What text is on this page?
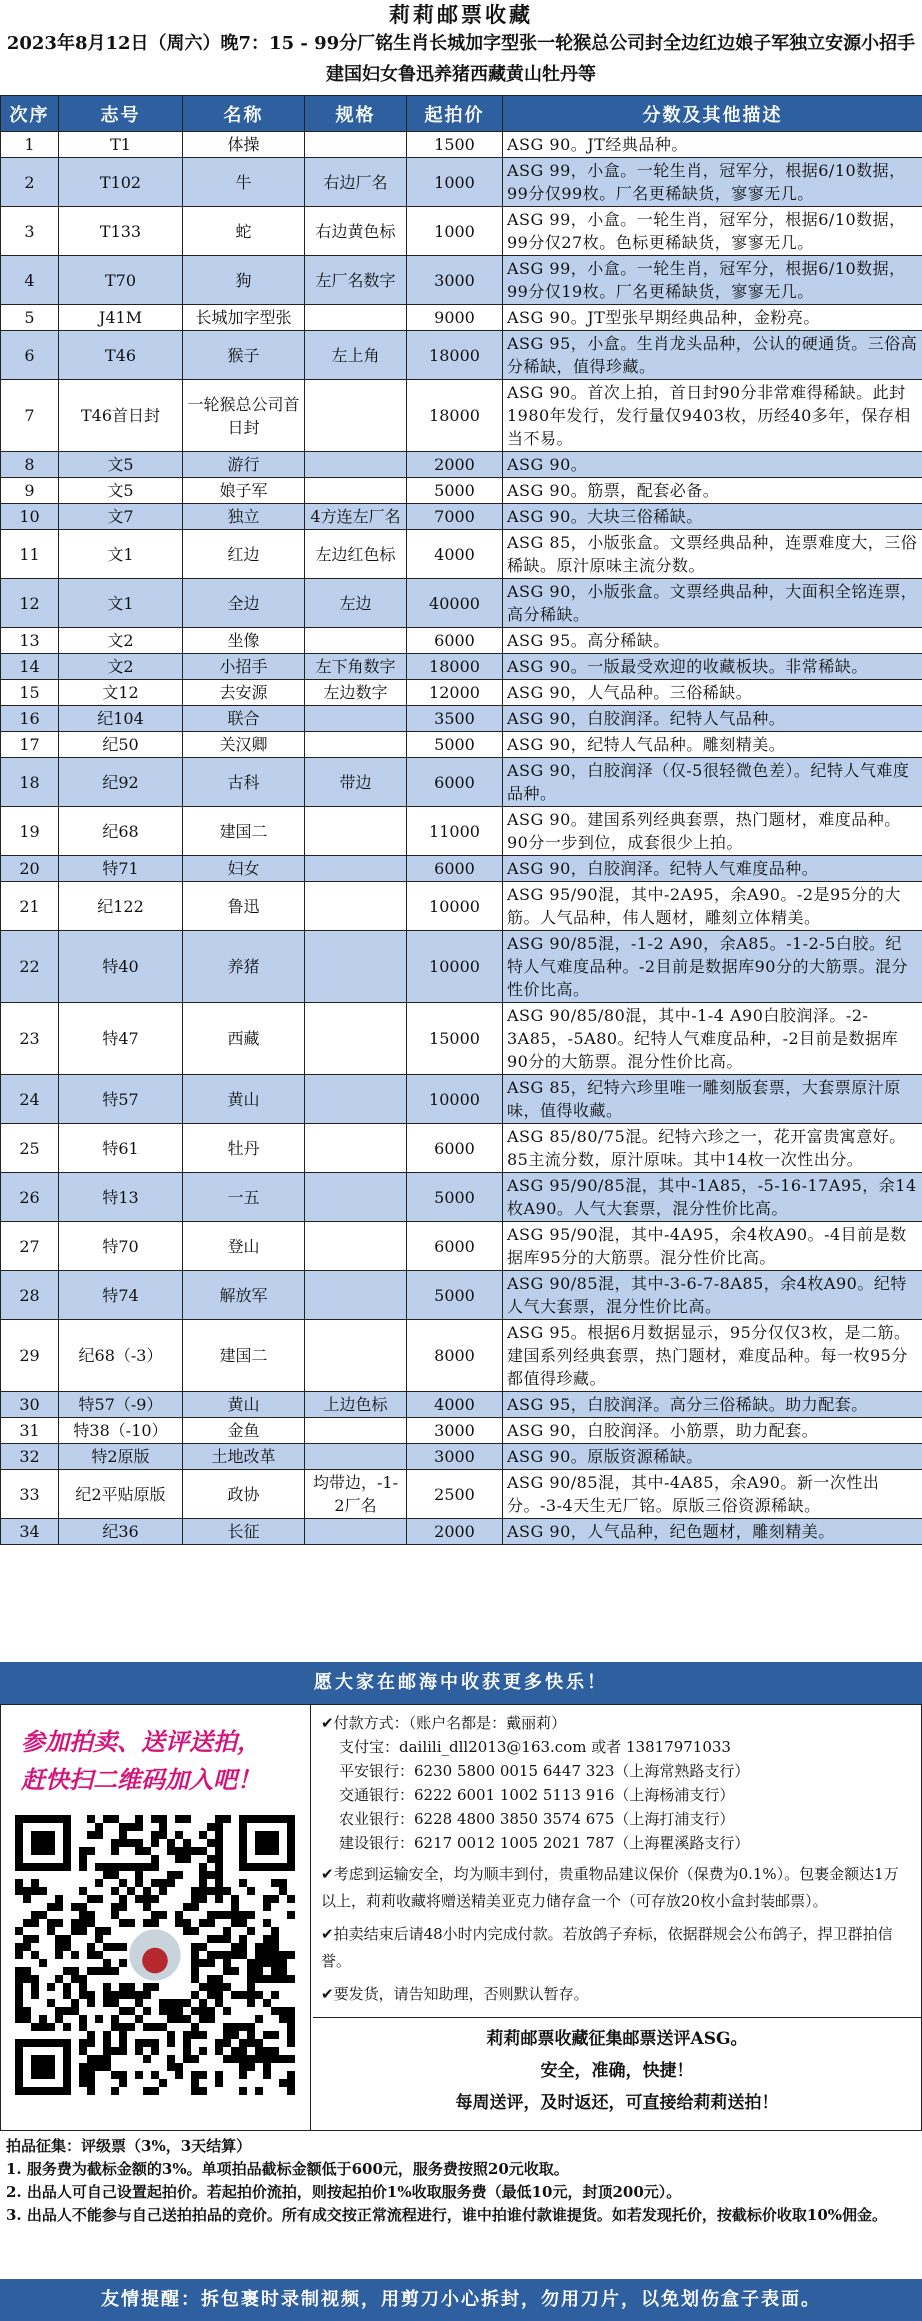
莉莉邮票收藏
2023年8月12日（周六）晚7：15 - 99分厂铭生肖长城加字型张一轮猴总公司封全边红边娘子军独立安源小招手建国妇女鲁迅养猪西藏黄山牡丹等
次序	志号	名称	规格	起拍价	分数及其他描述
1	T1	体操		1500	ASG 90。JT经典品种。
2	T102	牛	右边厂名	1000	ASG 99，小盒。一轮生肖，冠军分，根据6/10数据，99分仅99枚。厂名更稀缺货，寥寥无几。
3	T133	蛇	右边黄色标	1000	ASG 99，小盒。一轮生肖，冠军分，根据6/10数据，99分仅27枚。色标更稀缺货，寥寥无几。
4	T70	狗	左厂名数字	3000	ASG 99，小盒。一轮生肖，冠军分，根据6/10数据，99分仅19枚。厂名更稀缺货，寥寥无几。
5	J41M	长城加字型张		9000	ASG 90。JT型张早期经典品种，金粉亮。
6	T46	猴子	左上角	18000	ASG 95，小盒。生肖龙头品种，公认的硬通货。三俗高分稀缺，值得珍藏。
7	T46首日封	一轮猴总公司首日封		18000	ASG 90。首次上拍，首日封90分非常难得稀缺。此封1980年发行，发行量仅9403枚，历经40多年，保存相当不易。
8	文5	游行		2000	ASG 90。
9	文5	娘子军		5000	ASG 90。筋票，配套必备。
10	文7	独立	4方连左厂名	7000	ASG 90。大块三俗稀缺。
11	文1	红边	左边红色标	4000	ASG 85，小版张盒。文票经典品种，连票难度大，三俗稀缺。原汁原味主流分数。
12	文1	全边	左边	40000	ASG 90，小版张盒。文票经典品种，大面积全铭连票，高分稀缺。
13	文2	坐像		6000	ASG 95。高分稀缺。
14	文2	小招手	左下角数字	18000	ASG 90。一版最受欢迎的收藏板块。非常稀缺。
15	文12	去安源	左边数字	12000	ASG 90，人气品种。三俗稀缺。
16	纪104	联合		3500	ASG 90，白胶润泽。纪特人气品种。
17	纪50	关汉卿		5000	ASG 90，纪特人气品种。雕刻精美。
18	纪92	古科	带边	6000	ASG 90，白胶润泽（仅-5很轻微色差）。纪特人气难度品种。
19	纪68	建国二		11000	ASG 90。建国系列经典套票，热门题材，难度品种。90分一步到位，成套很少上拍。
20	特71	妇女		6000	ASG 90，白胶润泽。纪特人气难度品种。
21	纪122	鲁迅		10000	ASG 95/90混，其中-2A95，余A90。-2是95分的大筋。人气品种，伟人题材，雕刻立体精美。
22	特40	养猪		10000	ASG 90/85混，-1-2 A90，余A85。-1-2-5白胶。纪特人气难度品种。-2目前是数据库90分的大筋票。混分性价比高。
23	特47	西藏		15000	ASG 90/85/80混，其中-1-4 A90白胶润泽。-2-3A85，-5A80。纪特人气难度品种，-2目前是数据库90分的大筋票。混分性价比高。
24	特57	黄山		10000	ASG 85，纪特六珍里唯一雕刻版套票，大套票原汁原味，值得收藏。
25	特61	牡丹		6000	ASG 85/80/75混。纪特六珍之一，花开富贵寓意好。85主流分数，原汁原味。其中14枚一次性出分。
26	特13	一五		5000	ASG 95/90/85混，其中-1A85，-5-16-17A95，余14枚A90。人气大套票，混分性价比高。
27	特70	登山		6000	ASG 95/90混，其中-4A95，余4枚A90。-4目前是数据库95分的大筋票。混分性价比高。
28	特74	解放军		5000	ASG 90/85混，其中-3-6-7-8A85，余4枚A90。纪特人气大套票，混分性价比高。
29	纪68（-3）	建国二		8000	ASG 95。根据6月数据显示，95分仅仅3枚，是二筋。建国系列经典套票，热门题材，难度品种。每一枚95分都值得珍藏。
30	特57（-9）	黄山	上边色标	4000	ASG 95，白胶润泽。高分三俗稀缺。助力配套。
31	特38（-10）	金鱼		3000	ASG 90，白胶润泽。小筋票，助力配套。
32	特2原版	土地改革		3000	ASG 90。原版资源稀缺。
33	纪2平贴原版	政协	均带边，-1-2厂名	2500	ASG 90/85混，其中-4A85，余A90。新一次性出分。-3-4天生无厂铭。原版三俗资源稀缺。
34	纪36	长征		2000	ASG 90，人气品种，纪色题材，雕刻精美。
愿大家在邮海中收获更多快乐！
参加拍卖、送评送拍，
赶快扫二维码加入吧！
✔付款方式：（账户名都是：戴丽莉）
支付宝：dailili_dll2013@163.com 或者 13817971033
平安银行：6230 5800 0015 6447 323（上海常熟路支行）
交通银行：6222 6001 1002 5113 916（上海杨浦支行）
农业银行：6228 4800 3850 3574 675（上海打浦支行）
建设银行：6217 0012 1005 2021 787（上海瞿溪路支行）
✔考虑到运输安全，均为顺丰到付，贵重物品建议保价（保费为0.1%）。包裹金额达1万以上，莉莉收藏将赠送精美亚克力储存盒一个（可存放20枚小盒封装邮票）。
✔拍卖结束后请48小时内完成付款。若放鸽子弃标，依据群规会公布鸽子，捍卫群拍信誉。
✔要发货，请告知助理，否则默认暂存。
莉莉邮票收藏征集邮票送评ASG。
安全，准确，快捷！
每周送评，及时返还，可直接给莉莉送拍！
拍品征集：评级票（3%，3天结算）
1. 服务费为截标金额的3%。单项拍品截标金额低于600元，服务费按照20元收取。
2. 出品人可自己设置起拍价。若起拍价流拍，则按起拍价1%收取服务费（最低10元，封顶200元）。
3. 出品人不能参与自己送拍拍品的竞价。所有成交按正常流程进行，谁中拍谁付款谁提货。如若发现托价，按截标价收取10%佣金。
友情提醒：拆包裹时录制视频，用剪刀小心拆封，勿用刀片，以免划伤盒子表面。
